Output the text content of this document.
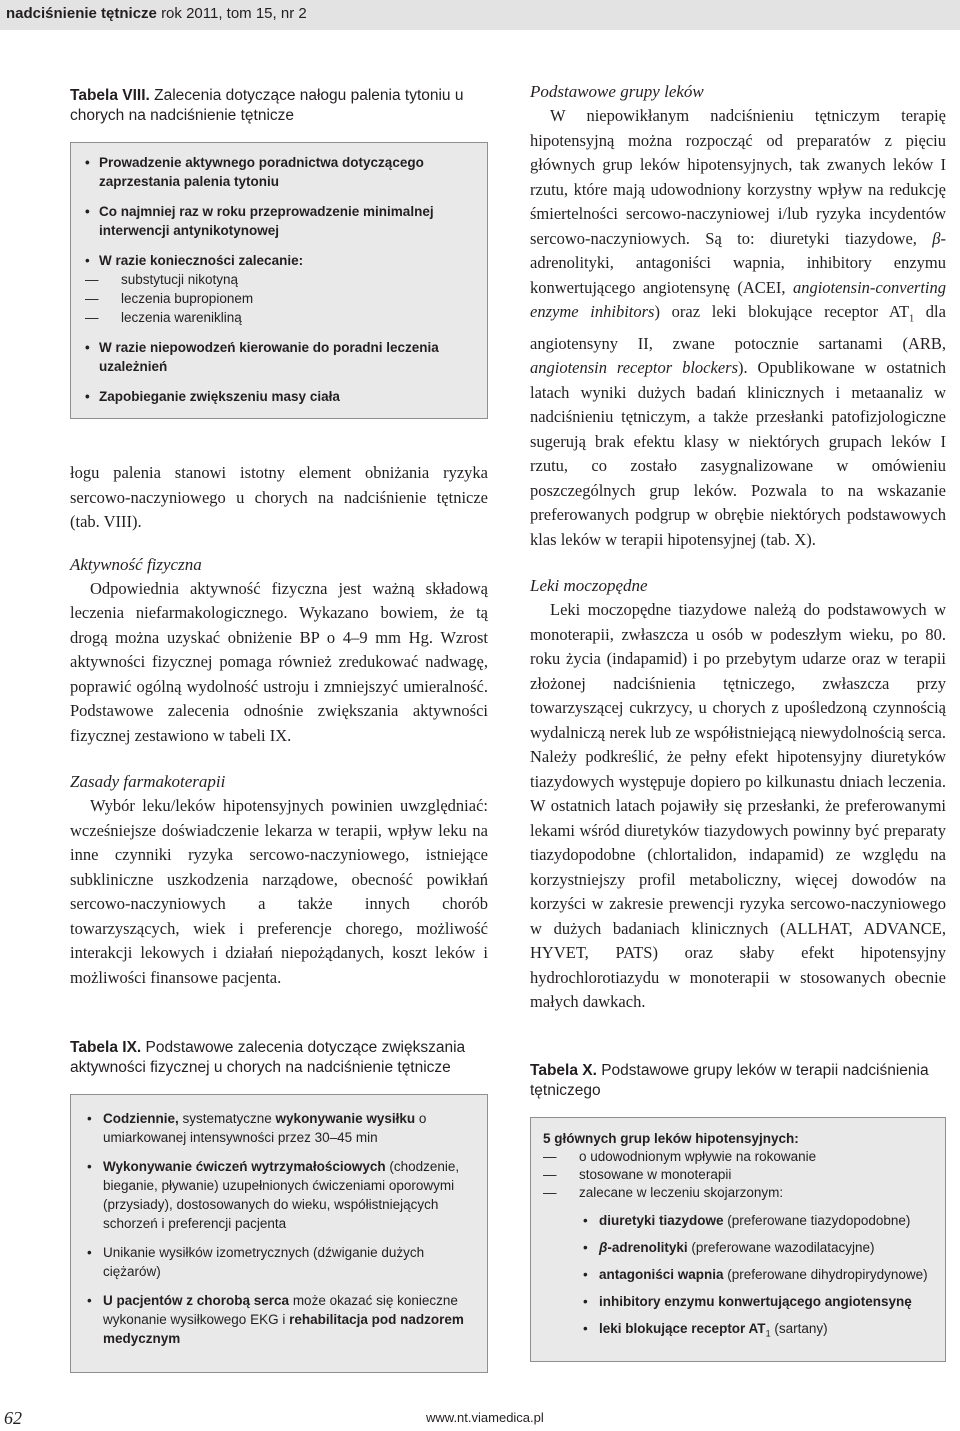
nadciśnienie tętnicze rok 2011, tom 15, nr 2

Tabela VIII. Zalecenia dotyczące nałogu palenia tytoniu u chorych na nadciśnienie tętnicze

• Prowadzenie aktywnego poradnictwa dotyczącego zaprzestania palenia tytoniu
• Co najmniej raz w roku przeprowadzenie minimalnej interwencji antynikotynowej
• W razie konieczności zalecanie:
— substytucji nikotyną
— leczenia bupropionem
— leczenia warenikliną
• W razie niepowodzeń kierowanie do poradni leczenia uzależnień
• Zapobieganie zwiększeniu masy ciała

łogu palenia stanowi istotny element obniżania ryzyka sercowo-naczyniowego u chorych na nadciśnienie tętnicze (tab. VIII).

Aktywność fizyczna

Odpowiednia aktywność fizyczna jest ważną składową leczenia niefarmakologicznego. Wykazano bowiem, że tą drogą można uzyskać obniżenie BP o 4–9 mm Hg. Wzrost aktywności fizycznej pomaga również zredukować nadwagę, poprawić ogólną wydolność ustroju i zmniejszyć umieralność. Podstawowe zalecenia odnośnie zwiększania aktywności fizycznej zestawiono w tabeli IX.

Zasady farmakoterapii

Wybór leku/leków hipotensyjnych powinien uwzględniać: wcześniejsze doświadczenie lekarza w terapii, wpływ leku na inne czynniki ryzyka sercowo-naczyniowego, istniejące subkliniczne uszkodzenia narządowe, obecność powikłań sercowo-naczyniowych a także innych chorób towarzyszących, wiek i preferencje chorego, możliwość interakcji lekowych i działań niepożądanych, koszt leków i możliwości finansowe pacjenta.

Tabela IX. Podstawowe zalecenia dotyczące zwiększania aktywności fizycznej u chorych na nadciśnienie tętnicze

• Codziennie, systematyczne wykonywanie wysiłku o umiarkowanej intensywności przez 30–45 min
• Wykonywanie ćwiczeń wytrzymałościowych (chodzenie, bieganie, pływanie) uzupełnionych ćwiczeniami oporowymi (przysiady), dostosowanych do wieku, współistniejących schorzeń i preferencji pacjenta
• Unikanie wysiłków izometrycznych (dźwiganie dużych ciężarów)
• U pacjentów z chorobą serca może okazać się konieczne wykonanie wysiłkowego EKG i rehabilitacja pod nadzorem medycznym

Podstawowe grupy leków

W niepowikłanym nadciśnieniu tętniczym terapię hipotensyjną można rozpocząć od preparatów z pięciu głównych grup leków hipotensyjnych, tak zwanych leków I rzutu, które mają udowodniony korzystny wpływ na redukcję śmiertelności sercowo-naczyniowej i/lub ryzyka incydentów sercowo-naczyniowych. Są to: diuretyki tiazydowe, β-adrenolityki, antagoniści wapnia, inhibitory enzymu konwertującego angiotensynę (ACEI, angiotensin-converting enzyme inhibitors) oraz leki blokujące receptor $AT_1$ dla angiotensyny II, zwane potocznie sartanami (ARB, angiotensin receptor blockers). Opublikowane w ostatnich latach wyniki dużych badań klinicznych i metaanaliz w nadciśnieniu tętniczym, a także przesłanki patofizjologiczne sugerują brak efektu klasy w niektórych grupach leków I rzutu, co zostało zasygnalizowane w omówieniu poszczególnych grup leków. Pozwala to na wskazanie preferowanych podgrup w obrębie niektórych podstawowych klas leków w terapii hipotensyjnej (tab. X).

Leki moczopędne

Leki moczopędne tiazydowe należą do podstawowych w monoterapii, zwłaszcza u osób w podeszłym wieku, po 80. roku życia (indapamid) i po przebytym udarze oraz w terapii złożonej nadciśnienia tętniczego, zwłaszcza przy towarzyszącej cukrzycy, u chorych z upośledzoną czynnością wydalniczą nerek lub ze współistniejącą niewydolnością serca. Należy podkreślić, że pełny efekt hipotensyjny diuretyków tiazydowych występuje dopiero po kilkunastu dniach leczenia. W ostatnich latach pojawiły się przesłanki, że preferowanymi lekami wśród diuretyków tiazydowych powinny być preparaty tiazydopodobne (chlortalidon, indapamid) ze względu na korzystniejszy profil metaboliczny, więcej dowodów na korzyści w zakresie prewencji ryzyka sercowo-naczyniowego w dużych badaniach klinicznych (ALLHAT, ADVANCE, HYVET, PATS) oraz słaby efekt hipotensyjny hydrochlorotiazydu w monoterapii w stosowanych obecnie małych dawkach.

Tabela X. Podstawowe grupy leków w terapii nadciśnienia tętniczego

5 głównych grup leków hipotensyjnych:
— o udowodnionym wpływie na rokowanie
— stosowane w monoterapii
— zalecane w leczeniu skojarzonym:
• diuretyki tiazydowe (preferowane tiazydopodobne)
• β-adrenolityki (preferowane wazodilatacyjne)
• antagoniści wapnia (preferowane dihydropirydynowe)
• inhibitory enzymu konwertującego angiotensynę
• leki blokujące receptor $AT_1$ (sartany)
62	www.nt.viamedica.pl
